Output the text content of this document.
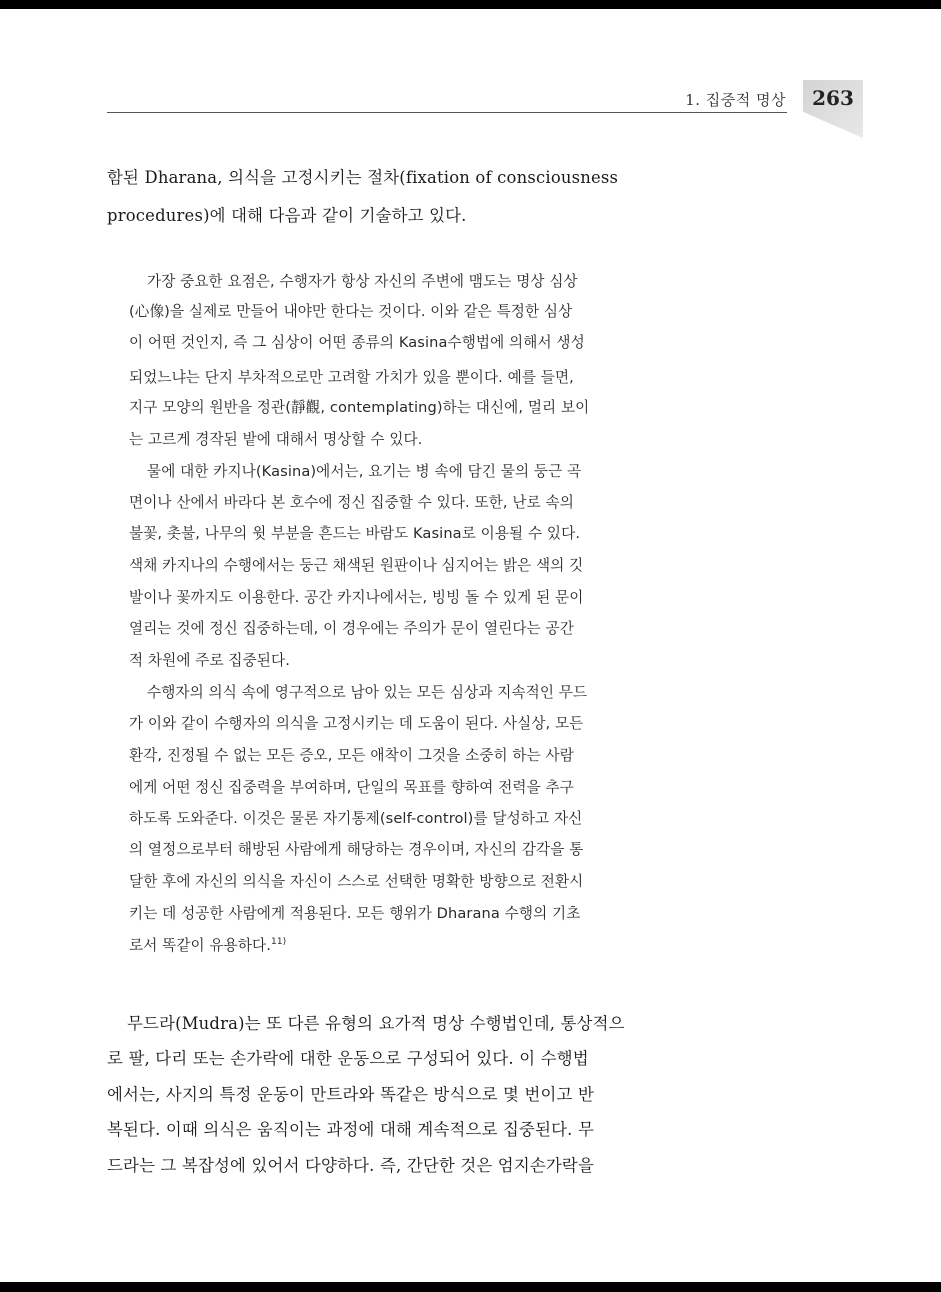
1. 집중적 명상	263
함된 Dharana, 의식을 고정시키는 절차(fixation of consciousness
procedures)에 대해 다음과 같이 기술하고 있다.
가장 중요한 요점은, 수행자가 항상 자신의 주변에 맴도는 명상 심상
(心像)을 실제로 만들어 내야만 한다는 것이다. 이와 같은 특정한 심상
이 어떤 것인지, 즉 그 심상이 어떤 종류의 Kasina수행법에 의해서 생성
되었느냐는 단지 부차적으로만 고려할 가치가 있을 뿐이다. 예를 들면,
지구 모양의 원반을 정관(靜觀, contemplating)하는 대신에, 멀리 보이
는 고르게 경작된 밭에 대해서 명상할 수 있다.
물에 대한 카지나(Kasina)에서는, 요기는 병 속에 담긴 물의 둥근 곡
면이나 산에서 바라다 본 호수에 정신 집중할 수 있다. 또한, 난로 속의
불꽃, 촛불, 나무의 윗 부분을 흔드는 바람도 Kasina로 이용될 수 있다.
색채 카지나의 수행에서는 둥근 채색된 원판이나 심지어는 밝은 색의 깃
발이나 꽃까지도 이용한다. 공간 카지나에서는, 빙빙 돌 수 있게 된 문이
열리는 것에 정신 집중하는데, 이 경우에는 주의가 문이 열린다는 공간
적 차원에 주로 집중된다.
수행자의 의식 속에 영구적으로 남아 있는 모든 심상과 지속적인 무드
가 이와 같이 수행자의 의식을 고정시키는 데 도움이 된다. 사실상, 모든
환각, 진정될 수 없는 모든 증오, 모든 애착이 그것을 소중히 하는 사람
에게 어떤 정신 집중력을 부여하며, 단일의 목표를 향하여 전력을 추구
하도록 도와준다. 이것은 물론 자기통제(self-control)를 달성하고 자신
의 열정으로부터 해방된 사람에게 해당하는 경우이며, 자신의 감각을 통
달한 후에 자신의 의식을 자신이 스스로 선택한 명확한 방향으로 전환시
키는 데 성공한 사람에게 적용된다. 모든 행위가 Dharana 수행의 기초
로서 똑같이 유용하다.$^{11)}$
무드라(Mudra)는 또 다른 유형의 요가적 명상 수행법인데, 통상적으
로 팔, 다리 또는 손가락에 대한 운동으로 구성되어 있다. 이 수행법
에서는, 사지의 특정 운동이 만트라와 똑같은 방식으로 몇 번이고 반
복된다. 이때 의식은 움직이는 과정에 대해 계속적으로 집중된다. 무
드라는 그 복잡성에 있어서 다양하다. 즉, 간단한 것은 엄지손가락을
